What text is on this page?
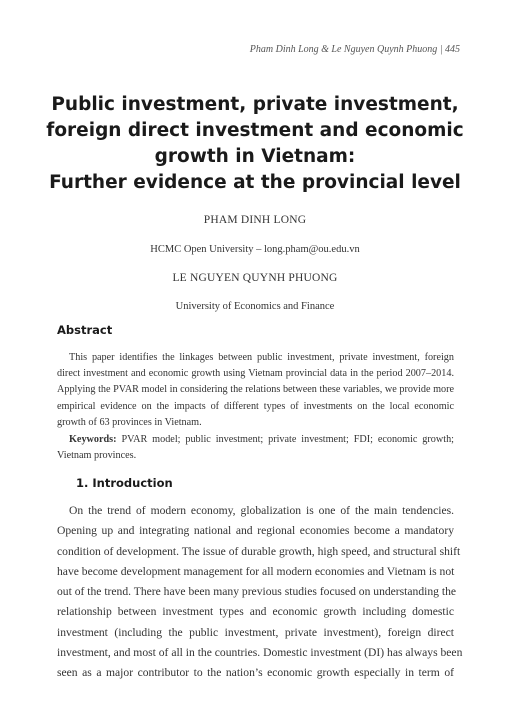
Pham Dinh Long & Le Nguyen Quynh Phuong | 445
Public investment, private investment,
foreign direct investment and economic
growth in Vietnam:
Further evidence at the provincial level
PHAM DINH LONG
HCMC Open University – long.pham@ou.edu.vn
LE NGUYEN QUYNH PHUONG
University of Economics and Finance
Abstract
This paper identifies the linkages between public investment, private investment, foreign
direct investment and economic growth using Vietnam provincial data in the period 2007–2014.
Applying the PVAR model in considering the relations between these variables, we provide more
empirical evidence on the impacts of different types of investments on the local economic
growth of 63 provinces in Vietnam.
Keywords: PVAR model; public investment; private investment; FDI; economic growth;
Vietnam provinces.
1. Introduction
On the trend of modern economy, globalization is one of the main tendencies.
Opening up and integrating national and regional economies become a mandatory
condition of development. The issue of durable growth, high speed, and structural shift
have become development management for all modern economies and Vietnam is not
out of the trend. There have been many previous studies focused on understanding the
relationship between investment types and economic growth including domestic
investment (including the public investment, private investment), foreign direct
investment, and most of all in the countries. Domestic investment (DI) has always been
seen as a major contributor to the nation’s economic growth especially in term of
